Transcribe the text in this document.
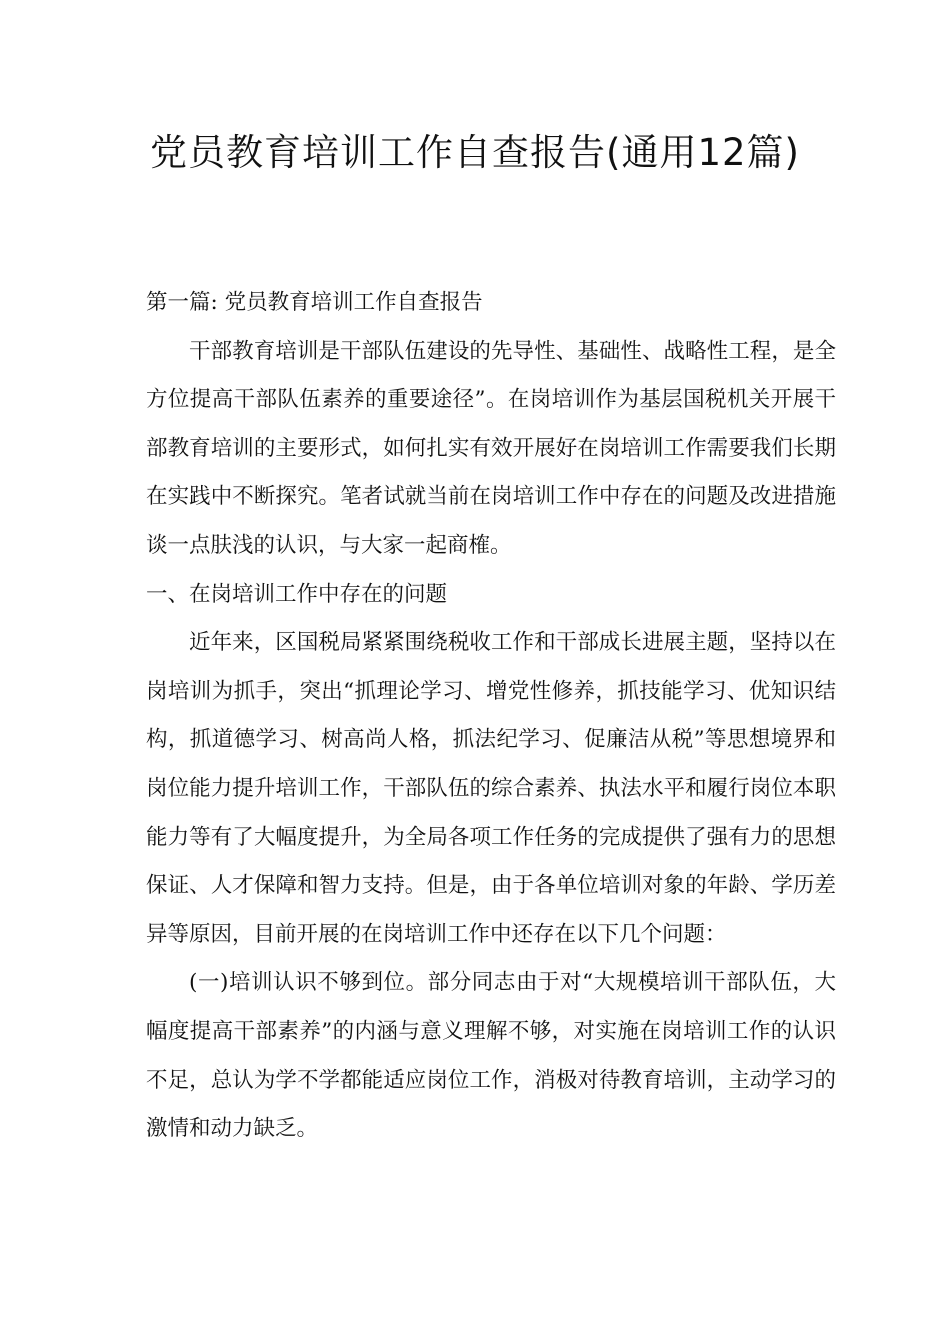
党员教育培训工作自查报告(通用12篇)

第一篇: 党员教育培训工作自查报告

干部教育培训是干部队伍建设的先导性、基础性、战略性工程，是全方位提高干部队伍素养的重要途径”。在岗培训作为基层国税机关开展干部教育培训的主要形式，如何扎实有效开展好在岗培训工作需要我们长期在实践中不断探究。笔者试就当前在岗培训工作中存在的问题及改进措施谈一点肤浅的认识，与大家一起商榷。

一、在岗培训工作中存在的问题

近年来，区国税局紧紧围绕税收工作和干部成长进展主题，坚持以在岗培训为抓手，突出“抓理论学习、增党性修养，抓技能学习、优知识结构，抓道德学习、树高尚人格，抓法纪学习、促廉洁从税”等思想境界和岗位能力提升培训工作，干部队伍的综合素养、执法水平和履行岗位本职能力等有了大幅度提升，为全局各项工作任务的完成提供了强有力的思想保证、人才保障和智力支持。但是，由于各单位培训对象的年龄、学历差异等原因，目前开展的在岗培训工作中还存在以下几个问题：

(一)培训认识不够到位。部分同志由于对“大规模培训干部队伍，大幅度提高干部素养”的内涵与意义理解不够，对实施在岗培训工作的认识不足，总认为学不学都能适应岗位工作，消极对待教育培训，主动学习的激情和动力缺乏。
